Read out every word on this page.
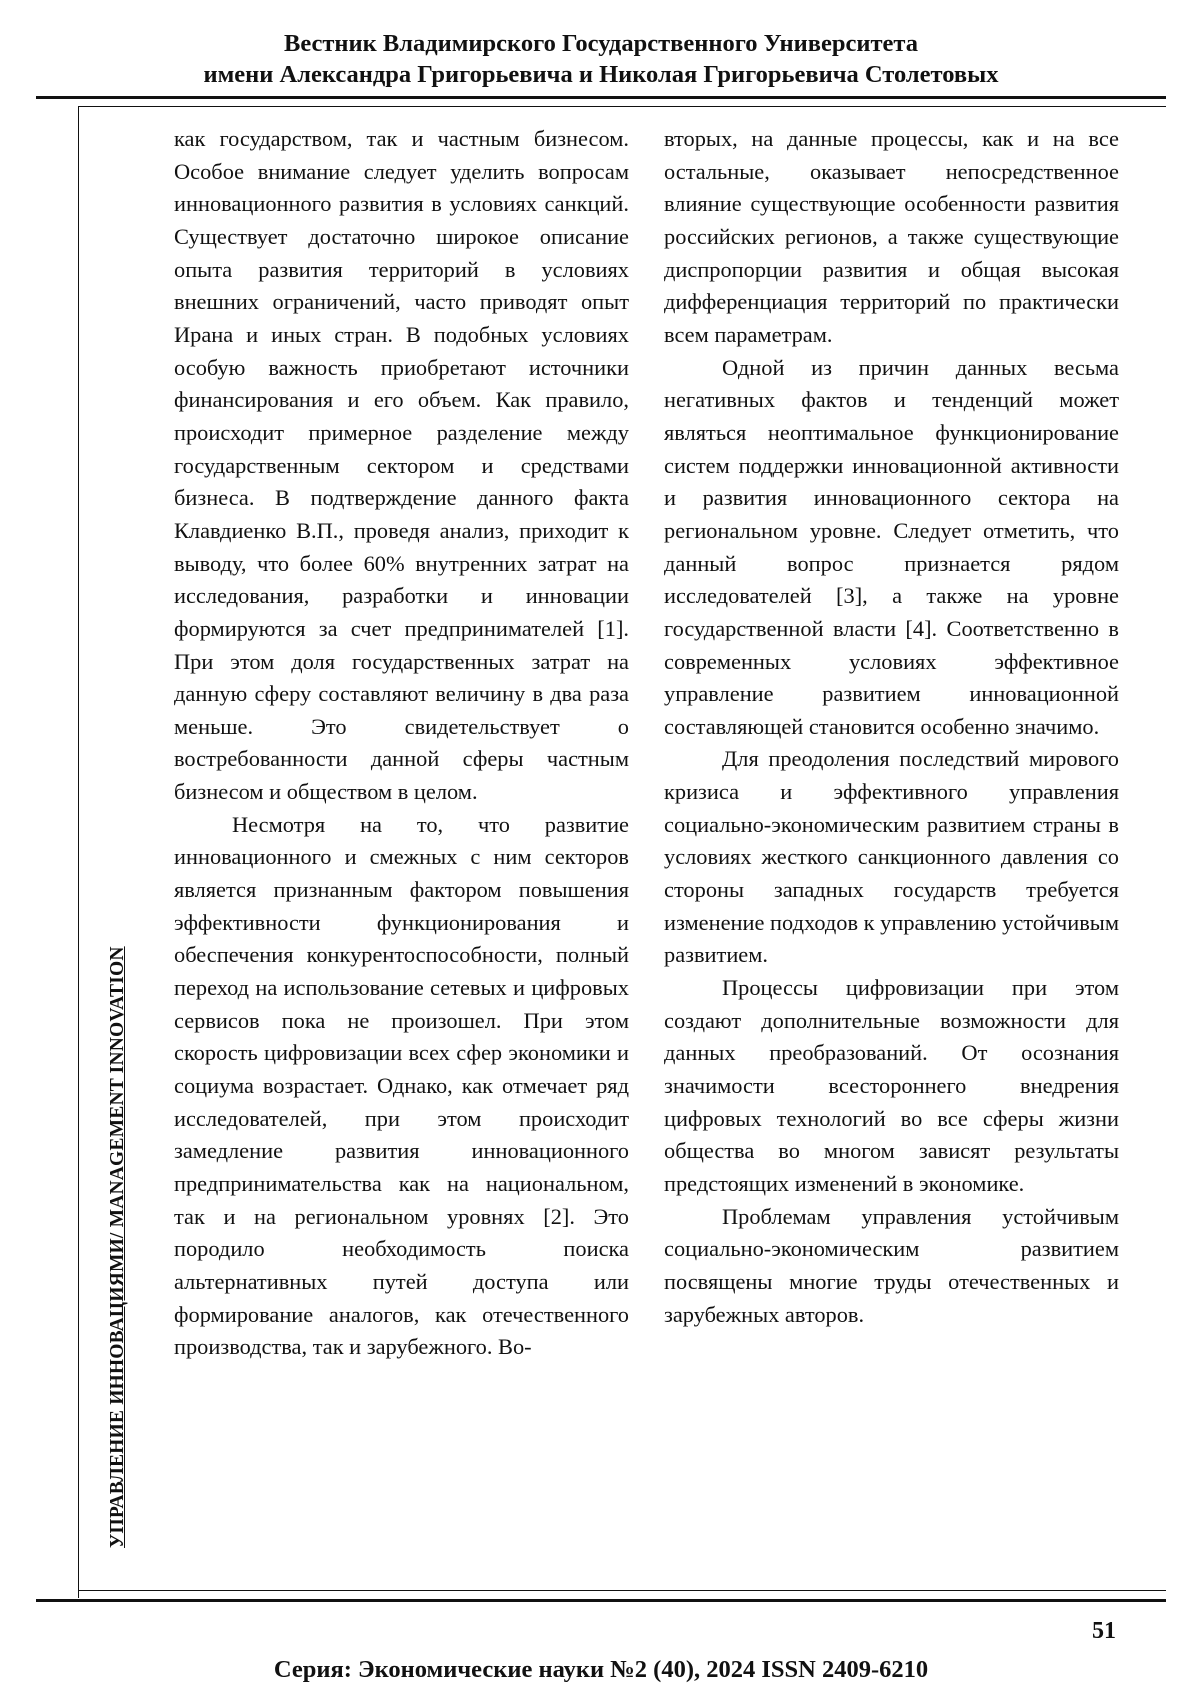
Вестник Владимирского Государственного Университета
имени Александра Григорьевича и Николая Григорьевича Столетовых
УПРАВЛЕНИЕ ИННОВАЦИЯМИ/ MANAGEMENT INNOVATION

как государством, так и частным бизнесом. Особое внимание следует уделить вопросам инновационного развития в условиях санкций. Существует достаточно широкое описание опыта развития территорий в условиях внешних ограничений, часто приводят опыт Ирана и иных стран. В подобных условиях особую важность приобретают источники финансирования и его объем. Как правило, происходит примерное разделение между государственным сектором и средствами бизнеса. В подтверждение данного факта Клавдиенко В.П., проведя анализ, приходит к выводу, что более 60% внутренних затрат на исследования, разработки и инновации формируются за счет предпринимателей [1]. При этом доля государственных затрат на данную сферу составляют величину в два раза меньше. Это свидетельствует о востребованности данной сферы частным бизнесом и обществом в целом.

Несмотря на то, что развитие инновационного и смежных с ним секторов является признанным фактором повышения эффективности функционирования и обеспечения конкурентоспособности, полный переход на использование сетевых и цифровых сервисов пока не произошел. При этом скорость цифровизации всех сфер экономики и социума возрастает. Однако, как отмечает ряд исследователей, при этом происходит замедление развития инновационного предпринимательства как на национальном, так и на региональном уровнях [2]. Это породило необходимость поиска альтернативных путей доступа или формирование аналогов, как отечественного производства, так и зарубежного. Во-

вторых, на данные процессы, как и на все остальные, оказывает непосредственное влияние существующие особенности развития российских регионов, а также существующие диспропорции развития и общая высокая дифференциация территорий по практически всем параметрам.

Одной из причин данных весьма негативных фактов и тенденций может являться неоптимальное функционирование систем поддержки инновационной активности и развития инновационного сектора на региональном уровне. Следует отметить, что данный вопрос признается рядом исследователей [3], а также на уровне государственной власти [4]. Соответственно в современных условиях эффективное управление развитием инновационной составляющей становится особенно значимо.

Для преодоления последствий мирового кризиса и эффективного управления социально-экономическим развитием страны в условиях жесткого санкционного давления со стороны западных государств требуется изменение подходов к управлению устойчивым развитием.

Процессы цифровизации при этом создают дополнительные возможности для данных преобразований. От осознания значимости всестороннего внедрения цифровых технологий во все сферы жизни общества во многом зависят результаты предстоящих изменений в экономике.

Проблемам управления устойчивым социально-экономическим развитием посвящены многие труды отечественных и зарубежных авторов.

51
Серия: Экономические науки №2 (40), 2024 ISSN 2409-6210
